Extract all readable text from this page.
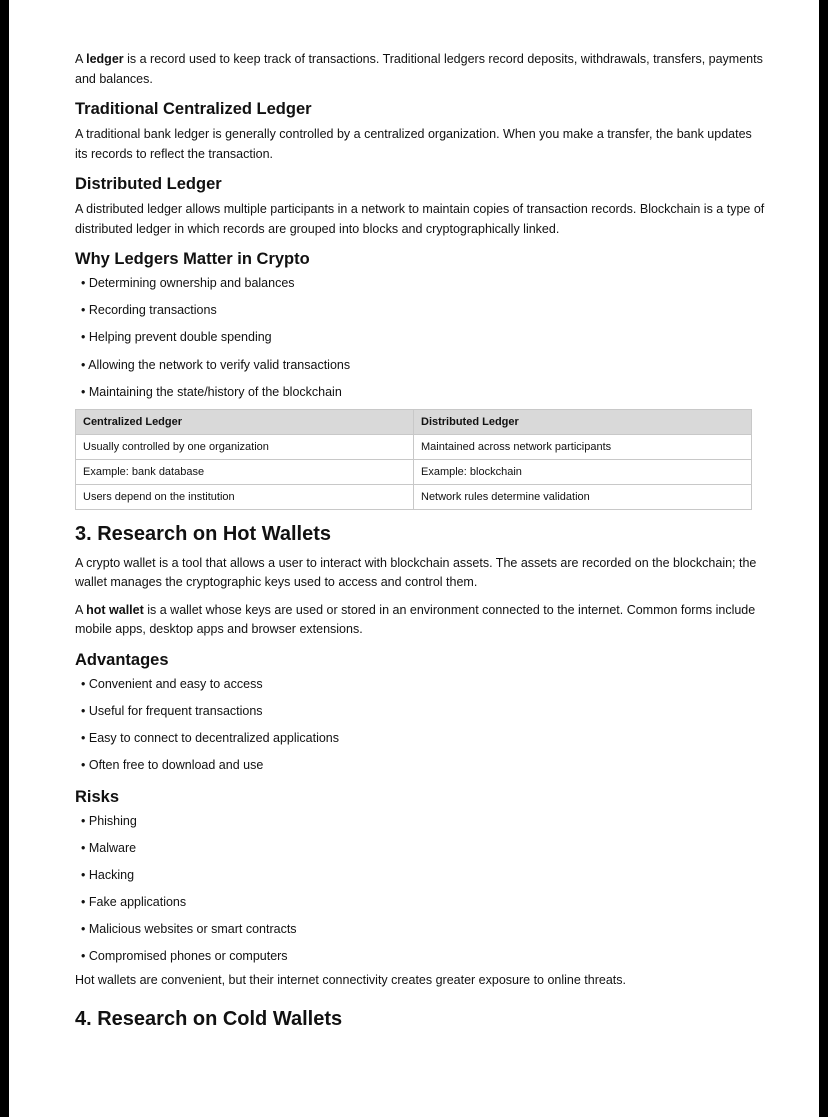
A ledger is a record used to keep track of transactions. Traditional ledgers record deposits, withdrawals, transfers, payments and balances.

Traditional Centralized Ledger

A traditional bank ledger is generally controlled by a centralized organization. When you make a transfer, the bank updates its records to reflect the transaction.

Distributed Ledger

A distributed ledger allows multiple participants in a network to maintain copies of transaction records. Blockchain is a type of distributed ledger in which records are grouped into blocks and cryptographically linked.

Why Ledgers Matter in Crypto
• Determining ownership and balances
• Recording transactions
• Helping prevent double spending
• Allowing the network to verify valid transactions
• Maintaining the state/history of the blockchain
Centralized Ledger	Distributed Ledger
Usually controlled by one organization	Maintained across network participants
Example: bank database	Example: blockchain
Users depend on the institution	Network rules determine validation
3. Research on Hot Wallets

A crypto wallet is a tool that allows a user to interact with blockchain assets. The assets are recorded on the blockchain; the wallet manages the cryptographic keys used to access and control them.

A hot wallet is a wallet whose keys are used or stored in an environment connected to the internet. Common forms include mobile apps, desktop apps and browser extensions.

Advantages
• Convenient and easy to access
• Useful for frequent transactions
• Easy to connect to decentralized applications
• Often free to download and use
Risks
• Phishing
• Malware
• Hacking
• Fake applications
• Malicious websites or smart contracts
• Compromised phones or computers

Hot wallets are convenient, but their internet connectivity creates greater exposure to online threats.

4. Research on Cold Wallets
